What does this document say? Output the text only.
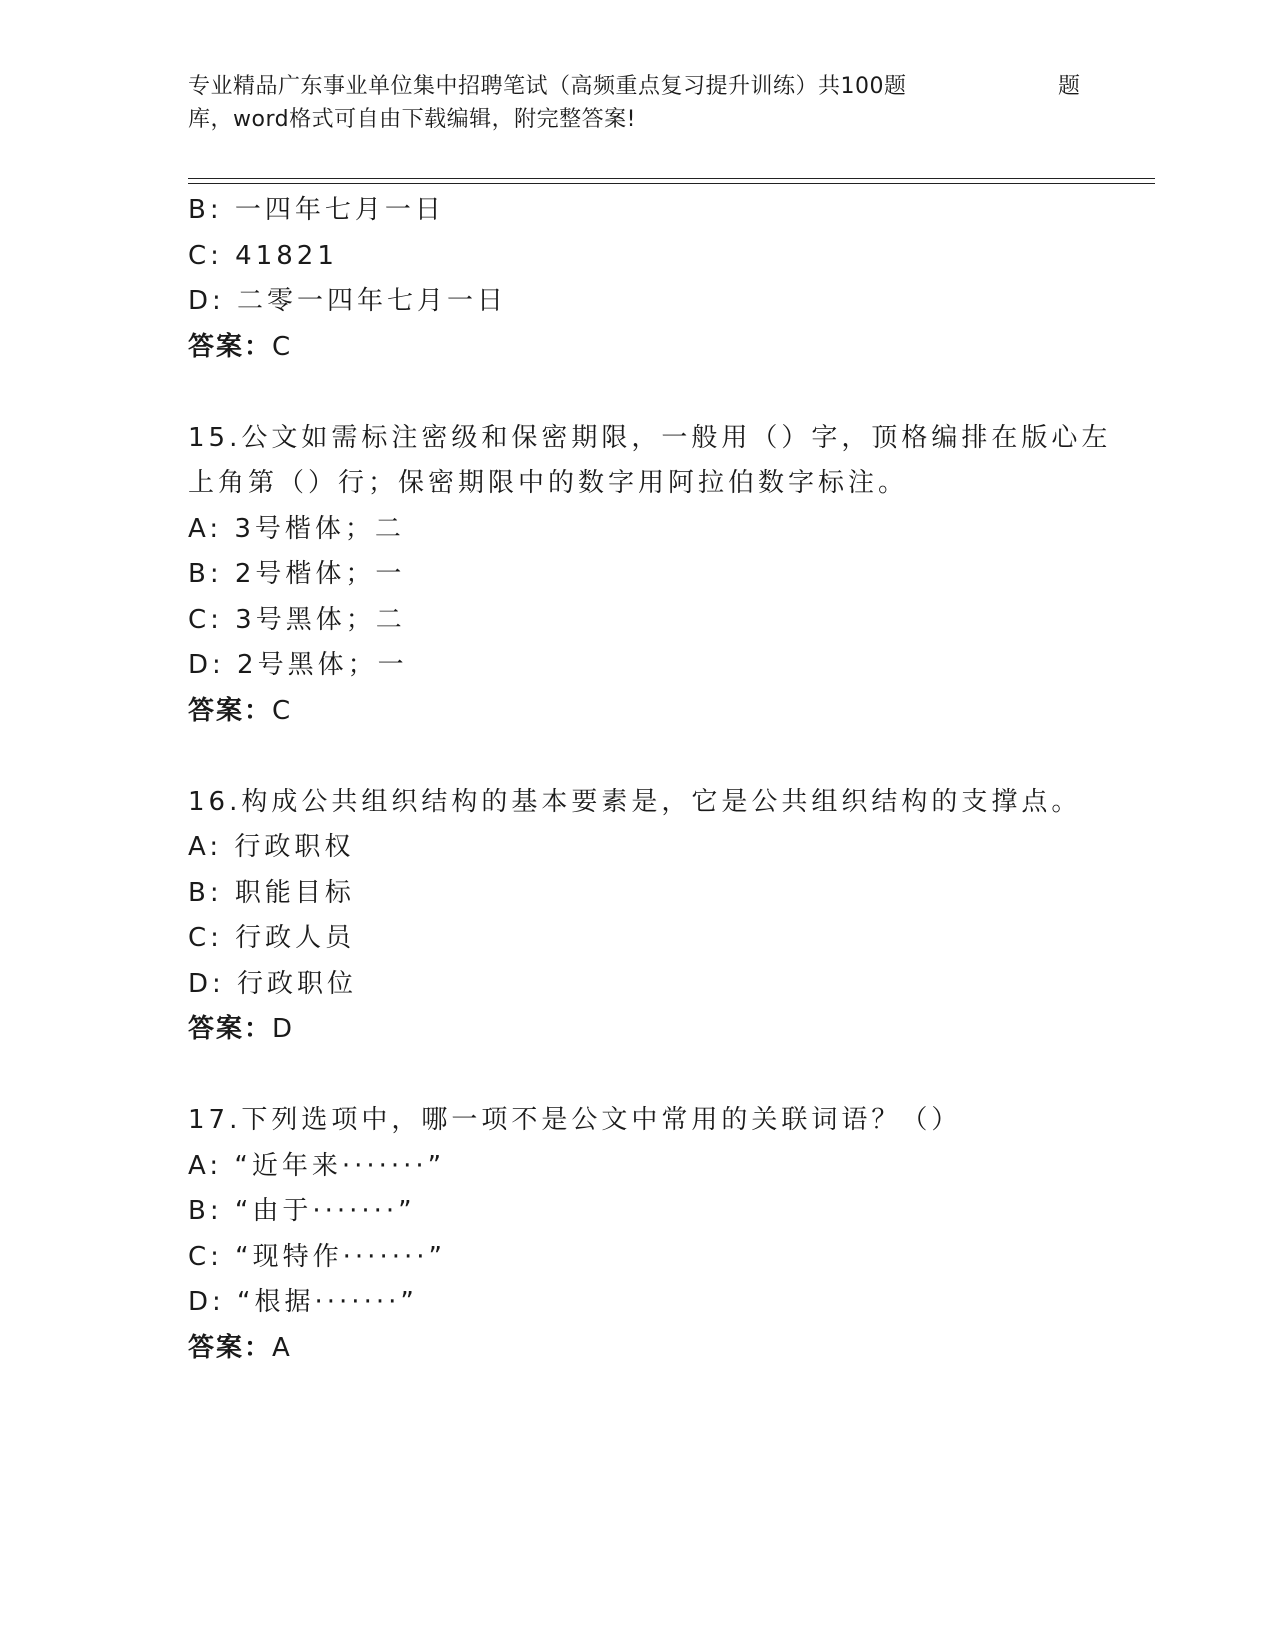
专业精品广东事业单位集中招聘笔试（高频重点复习提升训练）共100题	题
库，word格式可自由下载编辑，附完整答案!
B: 一四年七月一日
C: 41821
D: 二零一四年七月一日
答案：C
15.公文如需标注密级和保密期限，一般用（）字，顶格编排在版心左
上角第（）行；保密期限中的数字用阿拉伯数字标注。
A: 3号楷体；二
B: 2号楷体；一
C: 3号黑体；二
D: 2号黑体；一
答案：C
16.构成公共组织结构的基本要素是，它是公共组织结构的支撑点。
A: 行政职权
B: 职能目标
C: 行政人员
D: 行政职位
答案：D
17.下列选项中，哪一项不是公文中常用的关联词语？（）
A: “近年来·······”
B: “由于·······”
C: “现特作·······”
D: “根据·······”
答案：A
